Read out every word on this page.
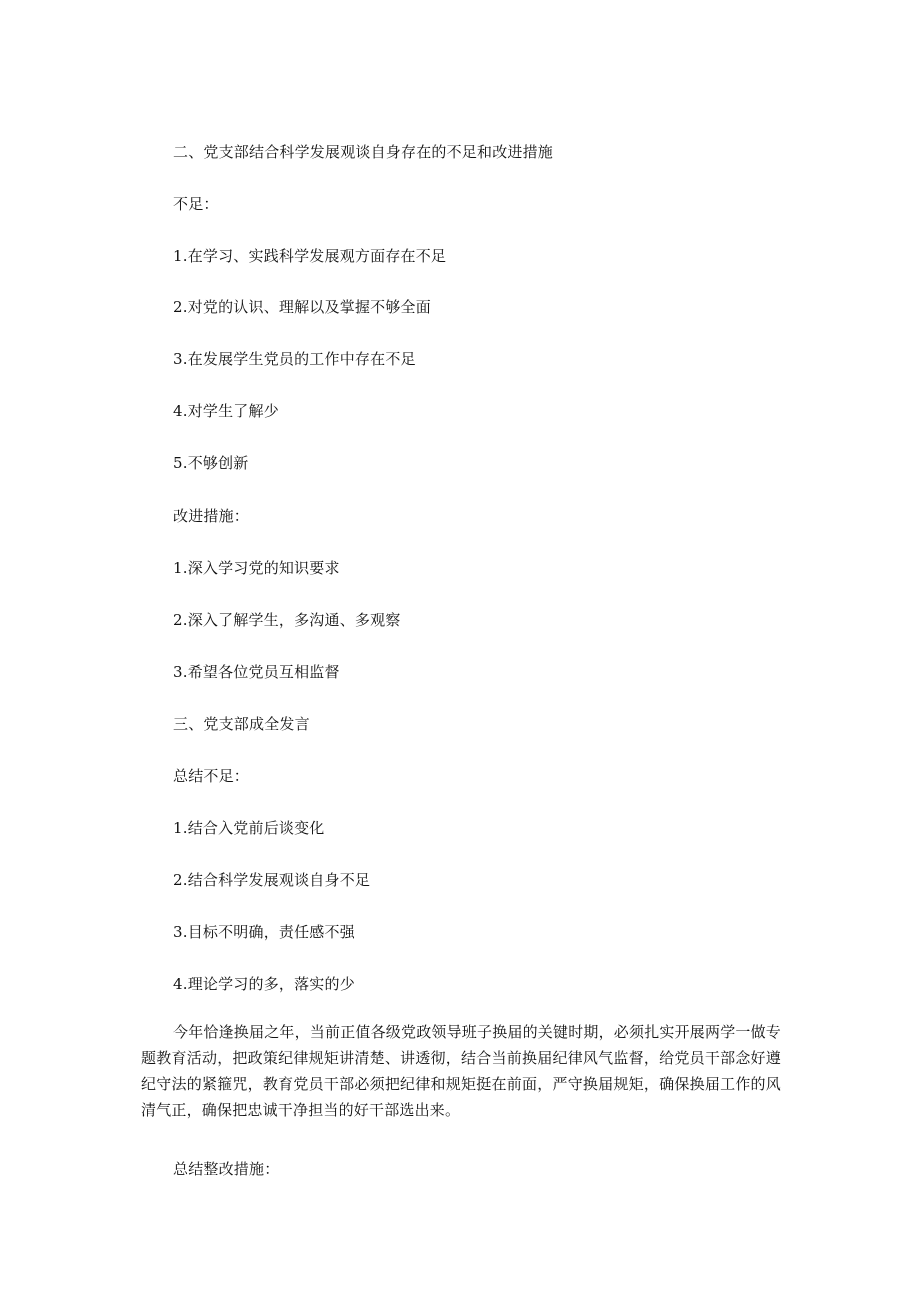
二、党支部结合科学发展观谈自身存在的不足和改进措施
不足：
1.在学习、实践科学发展观方面存在不足
2.对党的认识、理解以及掌握不够全面
3.在发展学生党员的工作中存在不足
4.对学生了解少
5.不够创新
改进措施：
1.深入学习党的知识要求
2.深入了解学生，多沟通、多观察
3.希望各位党员互相监督
三、党支部成全发言
总结不足：
1.结合入党前后谈变化
2.结合科学发展观谈自身不足
3.目标不明确，责任感不强
4.理论学习的多，落实的少
今年恰逢换届之年，当前正值各级党政领导班子换届的关键时期，必须扎实开展两学一做专题教育活动，把政策纪律规矩讲清楚、讲透彻，结合当前换届纪律风气监督，给党员干部念好遵纪守法的紧箍咒，教育党员干部必须把纪律和规矩挺在前面，严守换届规矩，确保换届工作的风清气正，确保把忠诚干净担当的好干部选出来。
总结整改措施：
